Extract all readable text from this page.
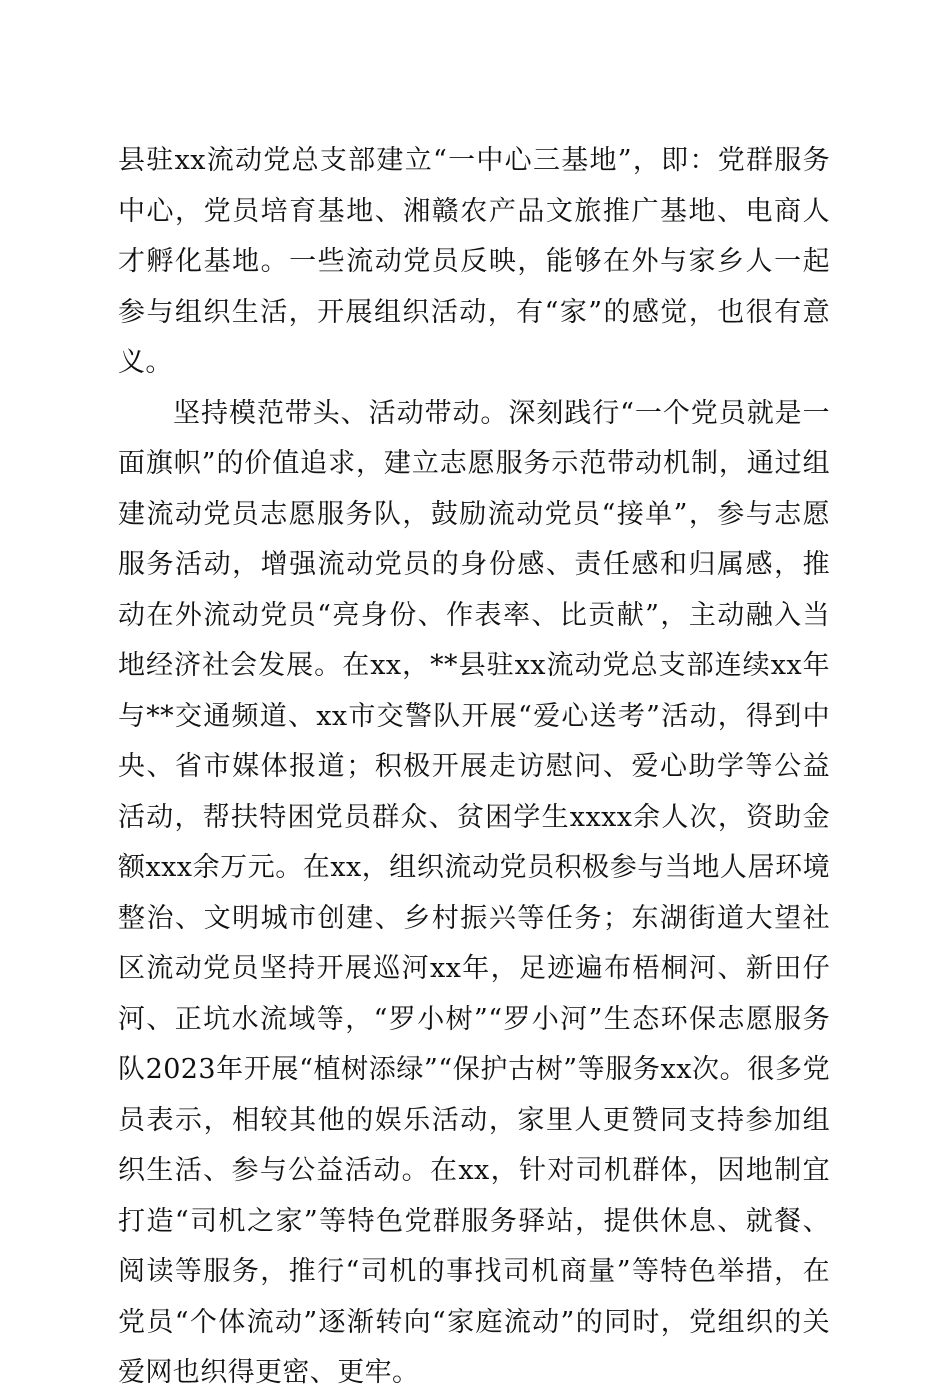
县驻xx流动党总支部建立“一中心三基地”，即：党群服务中心，党员培育基地、湘赣农产品文旅推广基地、电商人才孵化基地。一些流动党员反映，能够在外与家乡人一起参与组织生活，开展组织活动，有“家”的感觉，也很有意义。

坚持模范带头、活动带动。深刻践行“一个党员就是一面旗帜”的价值追求，建立志愿服务示范带动机制，通过组建流动党员志愿服务队，鼓励流动党员“接单”，参与志愿服务活动，增强流动党员的身份感、责任感和归属感，推动在外流动党员“亮身份、作表率、比贡献”，主动融入当地经济社会发展。在xx，**县驻xx流动党总支部连续xx年与**交通频道、xx市交警队开展“爱心送考”活动，得到中央、省市媒体报道；积极开展走访慰问、爱心助学等公益活动，帮扶特困党员群众、贫困学生xxxx余人次，资助金额xxx余万元。在xx，组织流动党员积极参与当地人居环境整治、文明城市创建、乡村振兴等任务；东湖街道大望社区流动党员坚持开展巡河xx年，足迹遍布梧桐河、新田仔河、正坑水流域等，“罗小树”“罗小河”生态环保志愿服务队2023年开展“植树添绿”“保护古树”等服务xx次。很多党员表示，相较其他的娱乐活动，家里人更赞同支持参加组织生活、参与公益活动。在xx，针对司机群体，因地制宜打造“司机之家”等特色党群服务驿站，提供休息、就餐、阅读等服务，推行“司机的事找司机商量”等特色举措，在党员“个体流动”逐渐转向“家庭流动”的同时，党组织的关爱网也织得更密、更牢。
